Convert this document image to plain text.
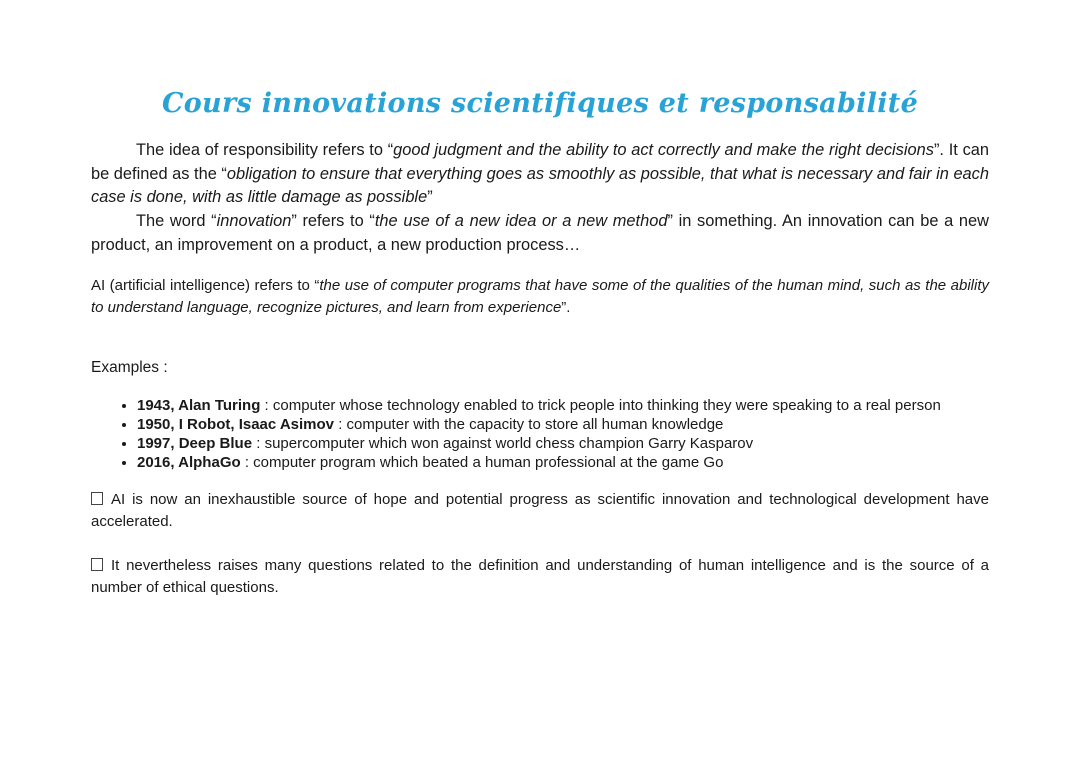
Cours innovations scientifiques et responsabilité

The idea of responsibility refers to “good judgment and the ability to act correctly and make the right decisions”. It can be defined as the “obligation to ensure that everything goes as smoothly as possible, that what is necessary and fair in each case is done, with as little damage as possible”

The word “innovation” refers to “the use of a new idea or a new method” in something. An innovation can be a new product, an improvement on a product, a new production process…

AI (artificial intelligence) refers to “the use of computer programs that have some of the qualities of the human mind, such as the ability to understand language, recognize pictures, and learn from experience”.

Examples :

• 1943, Alan Turing : computer whose technology enabled to trick people into thinking they were speaking to a real person
• 1950, I Robot, Isaac Asimov : computer with the capacity to store all human knowledge
• 1997, Deep Blue : supercomputer which won against world chess champion Garry Kasparov
• 2016, AlphaGo : computer program which beated a human professional at the game Go

AI is now an inexhaustible source of hope and potential progress as scientific innovation and technological development have accelerated.

It nevertheless raises many questions related to the definition and understanding of human intelligence and is the source of a number of ethical questions.
